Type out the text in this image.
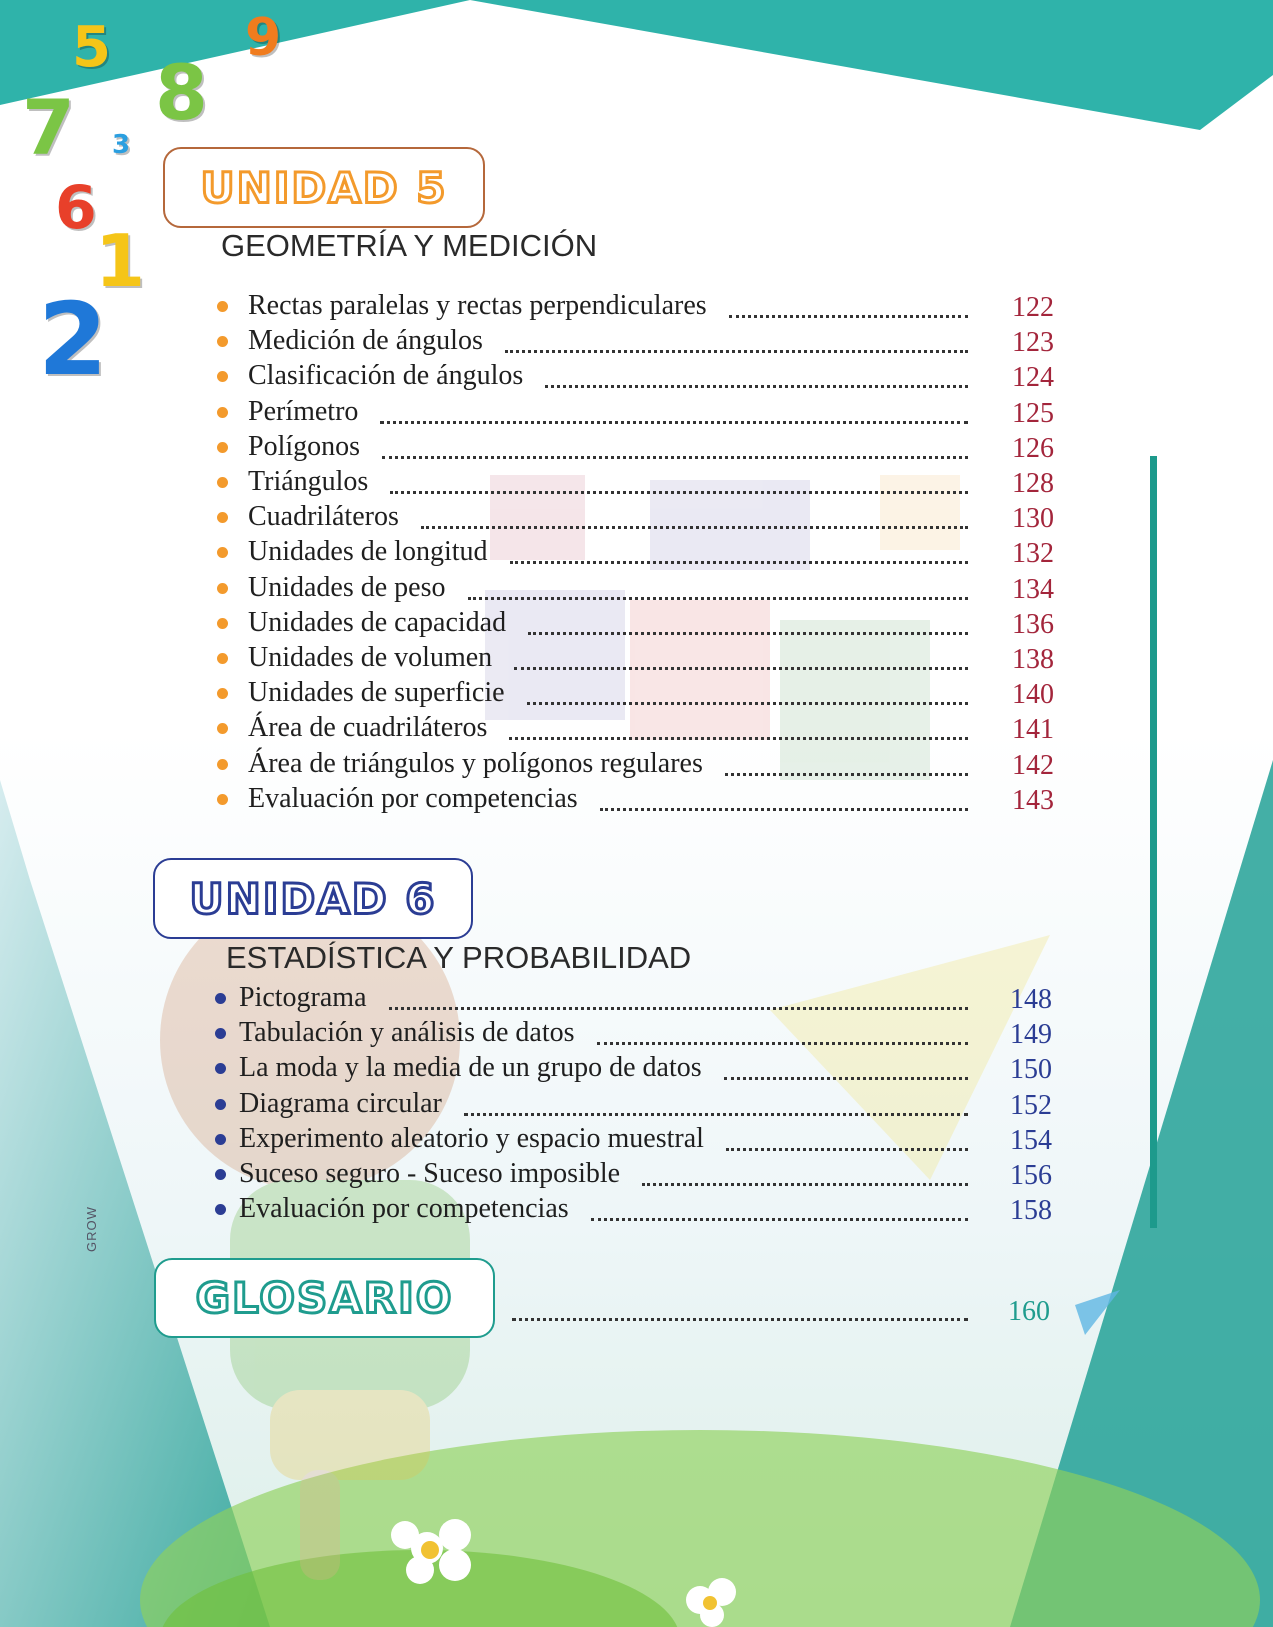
5	9
8
7 3
6
1
2
UNIDAD 5
GEOMETRÍA Y MEDICIÓN
Rectas paralelas y rectas perpendiculares	122
Medición de ángulos	123
Clasificación de ángulos	124
Perímetro	125
Polígonos	126
Triángulos	128
Cuadriláteros	130
Unidades de longitud	132
Unidades de peso	134
Unidades de capacidad	136
Unidades de volumen	138
Unidades de superficie	140
Área de cuadriláteros	141
Área de triángulos y polígonos regulares	142
Evaluación por competencias	143
UNIDAD 6
ESTADÍSTICA Y PROBABILIDAD
Pictograma	148
Tabulación y análisis de datos	149
La moda y la media de un grupo de datos	150
Diagrama circular	152
Experimento aleatorio y espacio muestral	154
Suceso seguro - Suceso imposible	156
Evaluación por competencias	158
GLOSARIO	160
GROW
